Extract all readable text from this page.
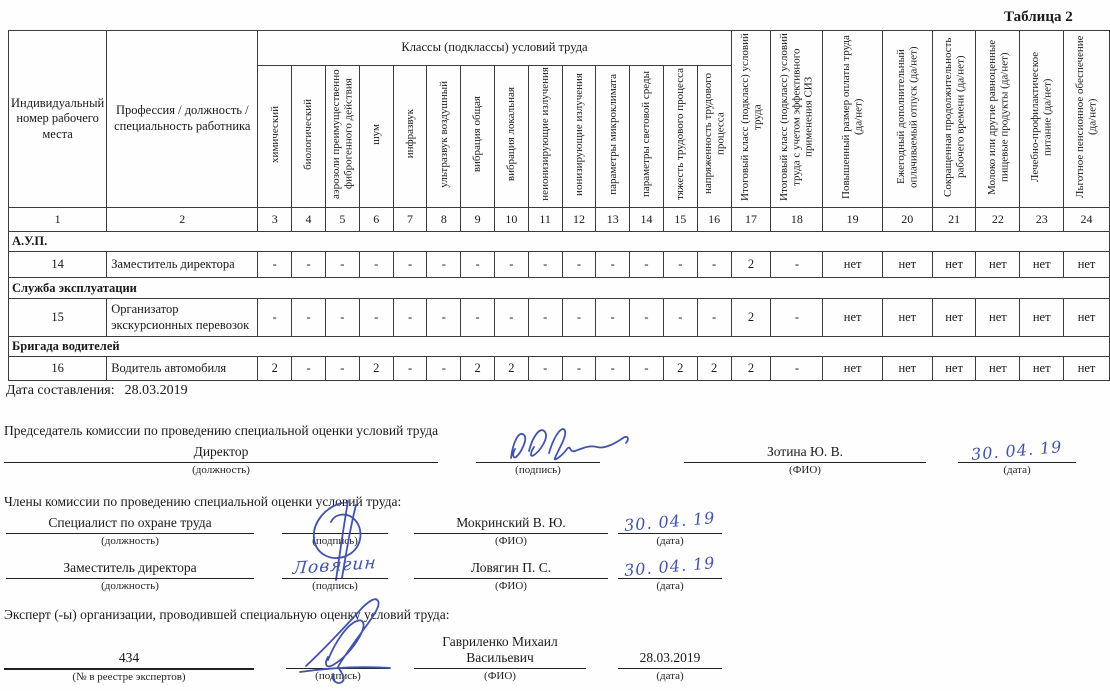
Таблица 2
Индивидуальный номер рабочего места	Профессия / должность / специальность работника	Классы (подклассы) условий труда														Итоговый класс (подкласс) условий труда	Итоговый класс (подкласс) условий труда с учетом эффективного применения СИЗ	Повышенный размер оплаты труда (да/нет)	Ежегодный дополнительный оплачиваемый отпуск (да/нет)	Сокращенная продолжительность рабочего времени (да/нет)	Молоко или другие равноценные пищевые продукты (да/нет)	Лечебно-профилактическое питание (да/нет)	Льготное пенсионное обеспечение (да/нет)
		химический	биологический	аэрозоли преимущественно фиброгенного действия	шум	инфразвук	ультразвук воздушный	вибрация общая	вибрация локальная	неионизирующие излучения	ионизирующие излучения	параметры микроклимата	параметры световой среды	тяжесть трудового процесса	напряженность трудового процесса								
1	2	3	4	5	6	7	8	9	10	11	12	13	14	15	16	17	18	19	20	21	22	23	24
А.У.П.																							
14	Заместитель директора	-	-	-	-	-	-	-	-	-	-	-	-	-	-	2	-	нет	нет	нет	нет	нет	нет
Служба эксплуатации																							
15	Организатор экскурсионных перевозок	-	-	-	-	-	-	-	-	-	-	-	-	-	-	2	-	нет	нет	нет	нет	нет	нет
Бригада водителей																							
16	Водитель автомобиля	2	-	-	2	-	-	2	2	-	-	-	-	2	2	2	-	нет	нет	нет	нет	нет	нет
Дата составления: 28.03.2019
Председатель комиссии по проведению специальной оценки условий труда
Директор
(должность)	(подпись)
Зотина Ю. В.
(ФИО)
30. 04. 19
(дата)
Члены комиссии по проведению специальной оценки условий труда:
Специалист по охране труда
(должность)	(подпись)
Мокринский В. Ю.
(ФИО)
30. 04. 19
(дата)
Заместитель директора
(должность)
Ловягин
(подпись)
Ловягин П. С.
(ФИО)
30. 04. 19
(дата)
Эксперт (-ы) организации, проводившей специальную оценку условий труда:
434
(№ в реестре экспертов)	(подпись)
Гавриленко Михаил
Васильевич
(ФИО)
28.03.2019
(дата)
